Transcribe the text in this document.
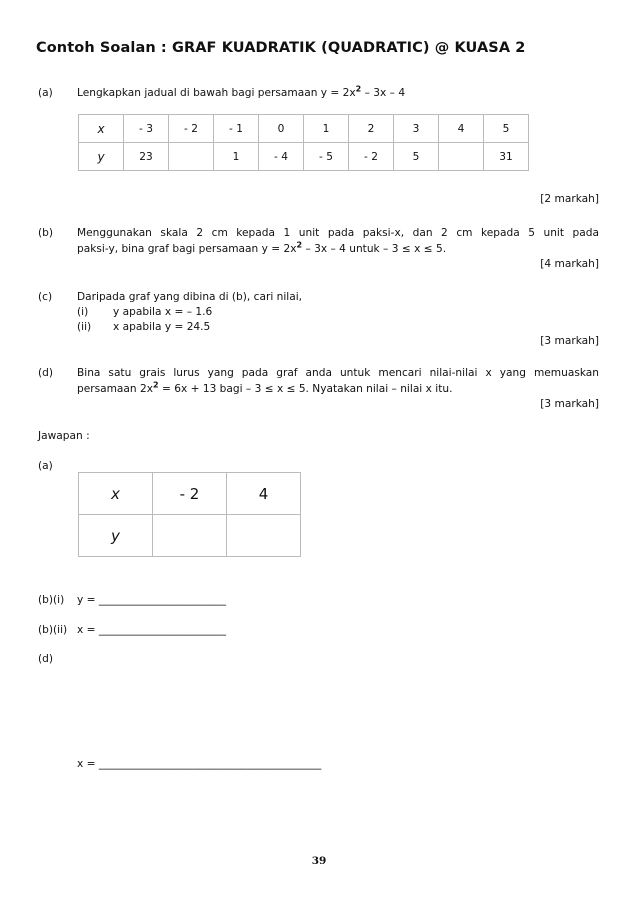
Contoh Soalan : GRAF KUADRATIK (QUADRATIC) @ KUASA 2
(a) Lengkapkan jadual di bawah bagi persamaan $y = 2x^2 - 3x - 4$
x	- 3	- 2	- 1	0	1	2	3	4	5
y	23		1	- 4	- 5	- 2	5		31
[2 markah]
(b) Menggunakan skala 2 cm kepada 1 unit pada paksi-x, dan 2 cm kepada 5 unit pada
paksi-y, bina graf bagi persamaan $y = 2x^2 - 3x - 4$ untuk – 3 ≤ x ≤ 5.
[4 markah]
(c) Daripada graf yang dibina di (b), cari nilai,
(i) y apabila x = – 1.6
(ii) x apabila y = 24.5
[3 markah]
(d) Bina satu grais lurus yang pada graf anda untuk mencari nilai-nilai x yang memuaskan
persamaan $2x^2 = 6x + 13$ bagi – 3 ≤ x ≤ 5. Nyatakan nilai – nilai x itu.
[3 markah]
Jawapan :
(a)
x	- 2	4
y		
(b)(i) y = ________________________
(b)(ii) x = ________________________
(d)
x = __________________________________________
39
